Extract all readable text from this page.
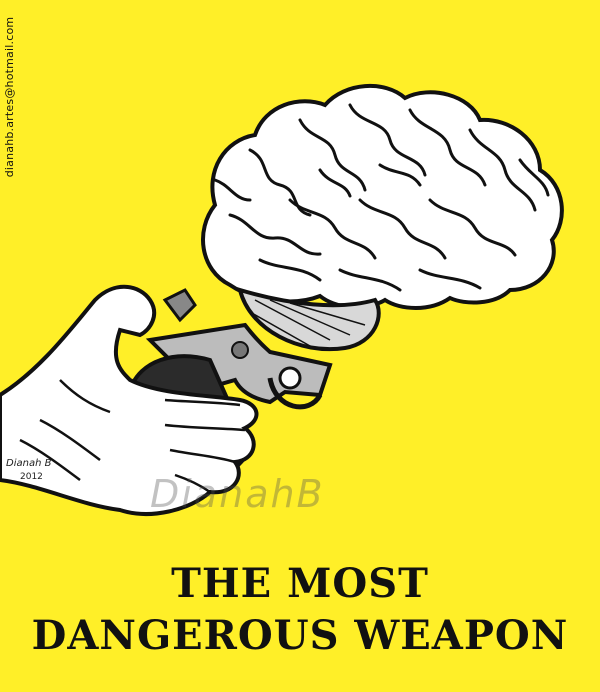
dianahb.artes@hotmail.com
Dianah B
2012	DianahB
THE MOST
DANGEROUS WEAPON
